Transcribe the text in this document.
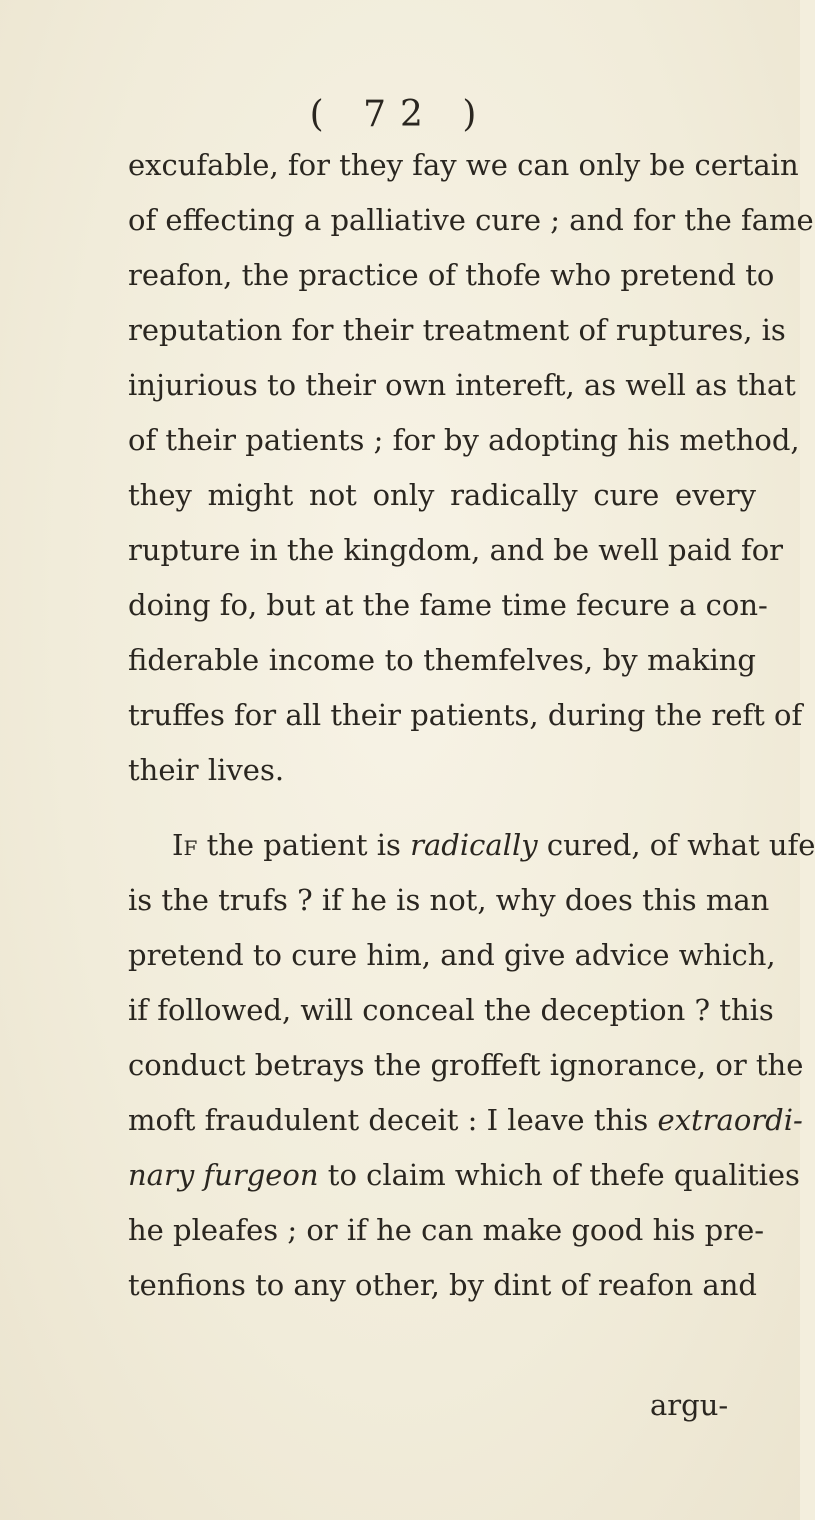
( 72 )
excufable, for they fay we can only be certain
of effecting a palliative cure ; and for the fame
reafon, the practice of thofe who pretend to
reputation for their treatment of ruptures, is
injurious to their own intereft, as well as that
of their patients ; for by adopting his method,
they might not only radically cure every
rupture in the kingdom, and be well paid for
doing fo, but at the fame time fecure a con-
fiderable income to themfelves, by making
truffes for all their patients, during the reft of
their lives.
If the patient is radically cured, of what ufe
is the trufs ? if he is not, why does this man
pretend to cure him, and give advice which,
if followed, will conceal the deception ? this
conduct betrays the groffeft ignorance, or the
moft fraudulent deceit : I leave this extraordi-
nary furgeon to claim which of thefe qualities
he pleafes ; or if he can make good his pre-
tenfions to any other, by dint of reafon and
argu-
